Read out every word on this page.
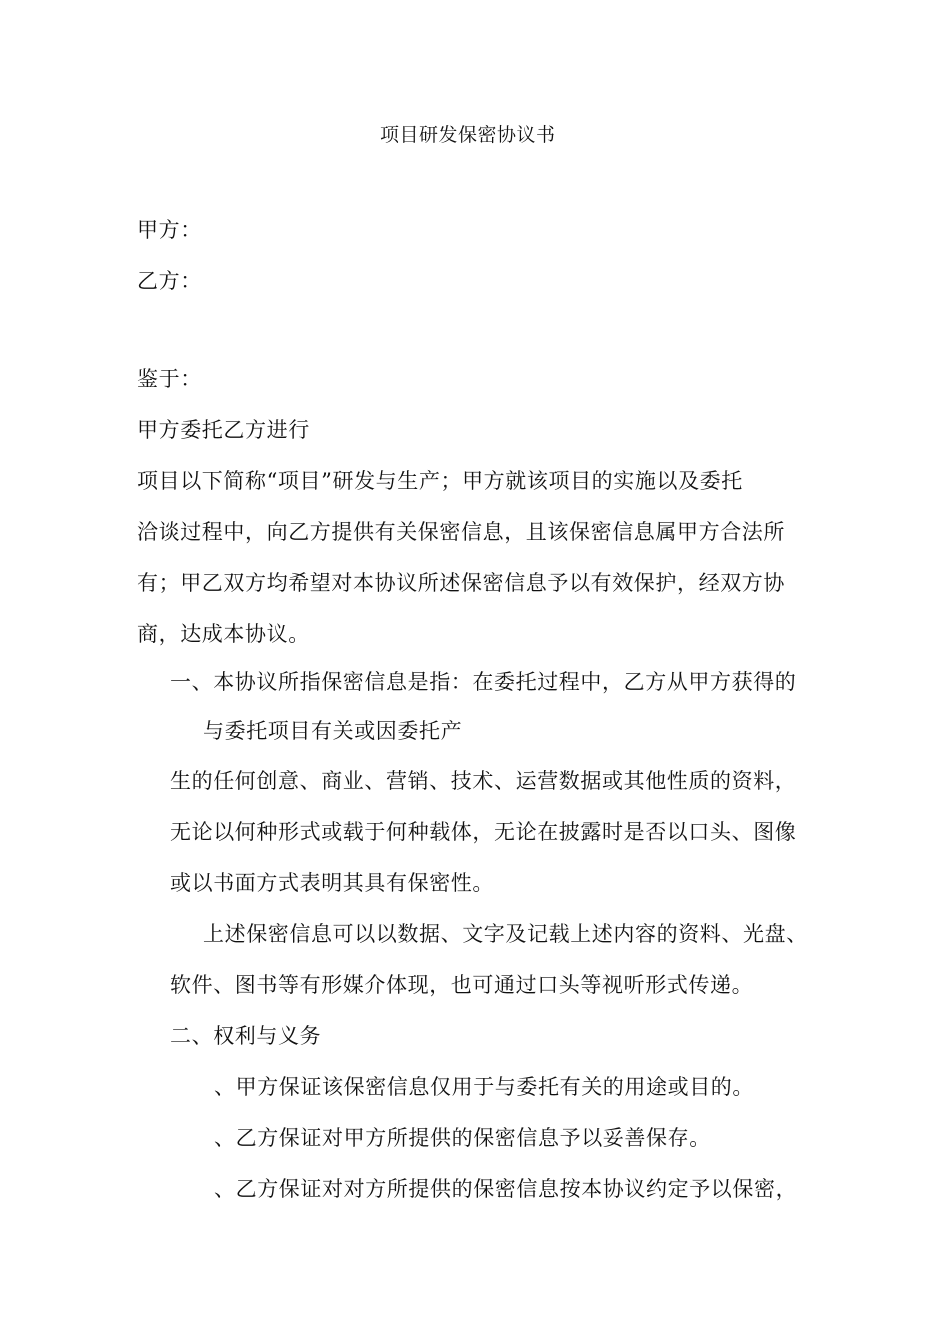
项目研发保密协议书
甲方：
乙方：
鉴于：
甲方委托乙方进行
项目以下简称“项目”研发与生产；甲方就该项目的实施以及委托
洽谈过程中，向乙方提供有关保密信息，且该保密信息属甲方合法所
有；甲乙双方均希望对本协议所述保密信息予以有效保护，经双方协
商，达成本协议。
一、本协议所指保密信息是指：在委托过程中，乙方从甲方获得的
与委托项目有关或因委托产
生的任何创意、商业、营销、技术、运营数据或其他性质的资料，
无论以何种形式或载于何种载体，无论在披露时是否以口头、图像
或以书面方式表明其具有保密性。
上述保密信息可以以数据、文字及记载上述内容的资料、光盘、
软件、图书等有形媒介体现，也可通过口头等视听形式传递。
二、权利与义务
、甲方保证该保密信息仅用于与委托有关的用途或目的。
、乙方保证对甲方所提供的保密信息予以妥善保存。
、乙方保证对对方所提供的保密信息按本协议约定予以保密，
